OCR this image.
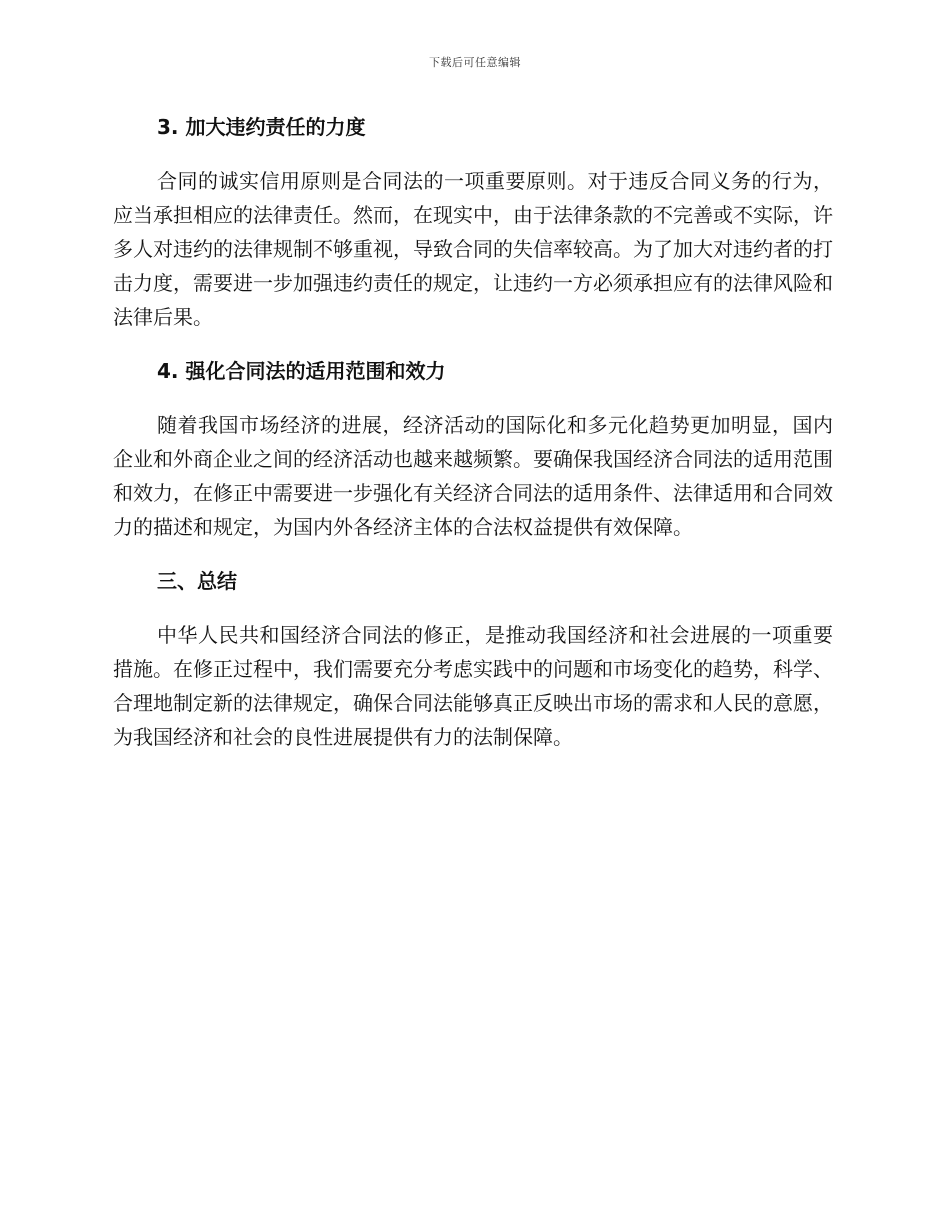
下载后可任意编辑
3. 加大违约责任的力度
合同的诚实信用原则是合同法的一项重要原则。对于违反合同义务的行为，应当承担相应的法律责任。然而，在现实中，由于法律条款的不完善或不实际，许多人对违约的法律规制不够重视，导致合同的失信率较高。为了加大对违约者的打击力度，需要进一步加强违约责任的规定，让违约一方必须承担应有的法律风险和法律后果。
4. 强化合同法的适用范围和效力
随着我国市场经济的进展，经济活动的国际化和多元化趋势更加明显，国内企业和外商企业之间的经济活动也越来越频繁。要确保我国经济合同法的适用范围和效力，在修正中需要进一步强化有关经济合同法的适用条件、法律适用和合同效力的描述和规定，为国内外各经济主体的合法权益提供有效保障。
三、总结
中华人民共和国经济合同法的修正，是推动我国经济和社会进展的一项重要措施。在修正过程中，我们需要充分考虑实践中的问题和市场变化的趋势，科学、合理地制定新的法律规定，确保合同法能够真正反映出市场的需求和人民的意愿，为我国经济和社会的良性进展提供有力的法制保障。
